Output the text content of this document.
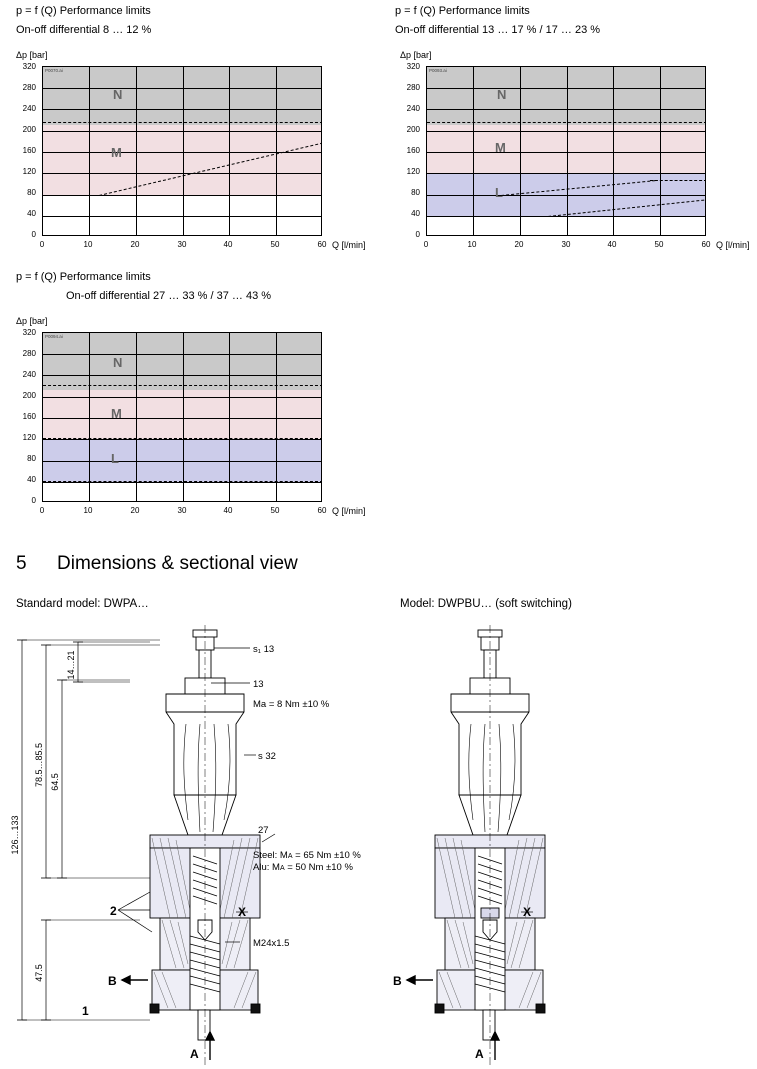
p = f (Q) Performance limits
On-off differential 8 … 12 %
Δp [bar]
320
280
240
200
160
120
80
40
0
P0070.ai
N
M
0	10	20	30	40	50	60 Q [l/min]
p = f (Q) Performance limits
On-off differential 13 … 17 % / 17 … 23 %
Δp [bar]
320
280
240
200
160
120
80
40
0
P0093.ai
N
M
L
0	10	20	30	40	50	60 Q [l/min]
p = f (Q) Performance limits
On-off differential 27 … 33 % / 37 … 43 %
Δp [bar]
320
280
240
200
160
120
80
40
0
P0094.ai
N
M
L
0	10	20	30	40	50	60 Q [l/min]
5 Dimensions & sectional view
Standard model: DWPA…	Model: DWPBU… (soft switching)
126…133
78.5…85.5 64.5
14…21
47.5
s₁ 13
13
Ma = 8 Nm ±10 %
s 32
27
Steel: MA = 65 Nm ±10 %
Alu: MA = 50 Nm ±10 %
M24x1.5
X
2
1
B
A
X
B
A
